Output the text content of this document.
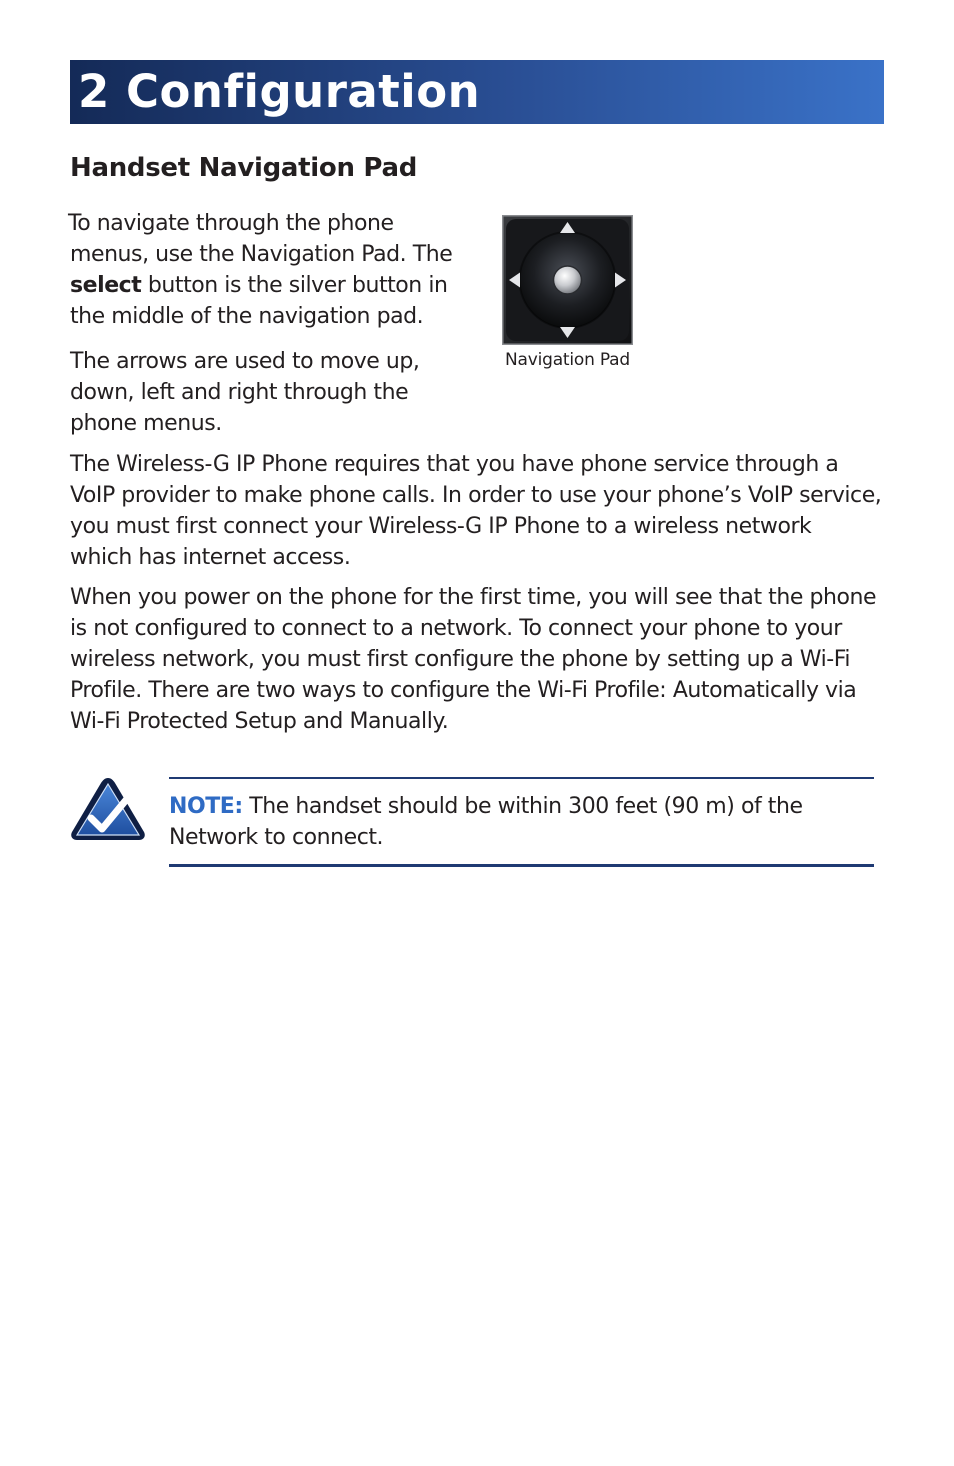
2 Configuration
Handset Navigation Pad
To navigate through the phone
menus, use the Navigation Pad. The
select button is the silver button in
the middle of the navigation pad.
The arrows are used to move up,
down, left and right through the
phone menus.
Navigation Pad
The Wireless-G IP Phone requires that you have phone service through a
VoIP provider to make phone calls. In order to use your phone’s VoIP service,
you must first connect your Wireless-G IP Phone to a wireless network
which has internet access.
When you power on the phone for the first time, you will see that the phone
is not configured to connect to a network. To connect your phone to your
wireless network, you must first configure the phone by setting up a Wi-Fi
Profile. There are two ways to configure the Wi-Fi Profile: Automatically via
Wi-Fi Protected Setup and Manually.
NOTE: The handset should be within 300 feet (90 m) of the
Network to connect.
